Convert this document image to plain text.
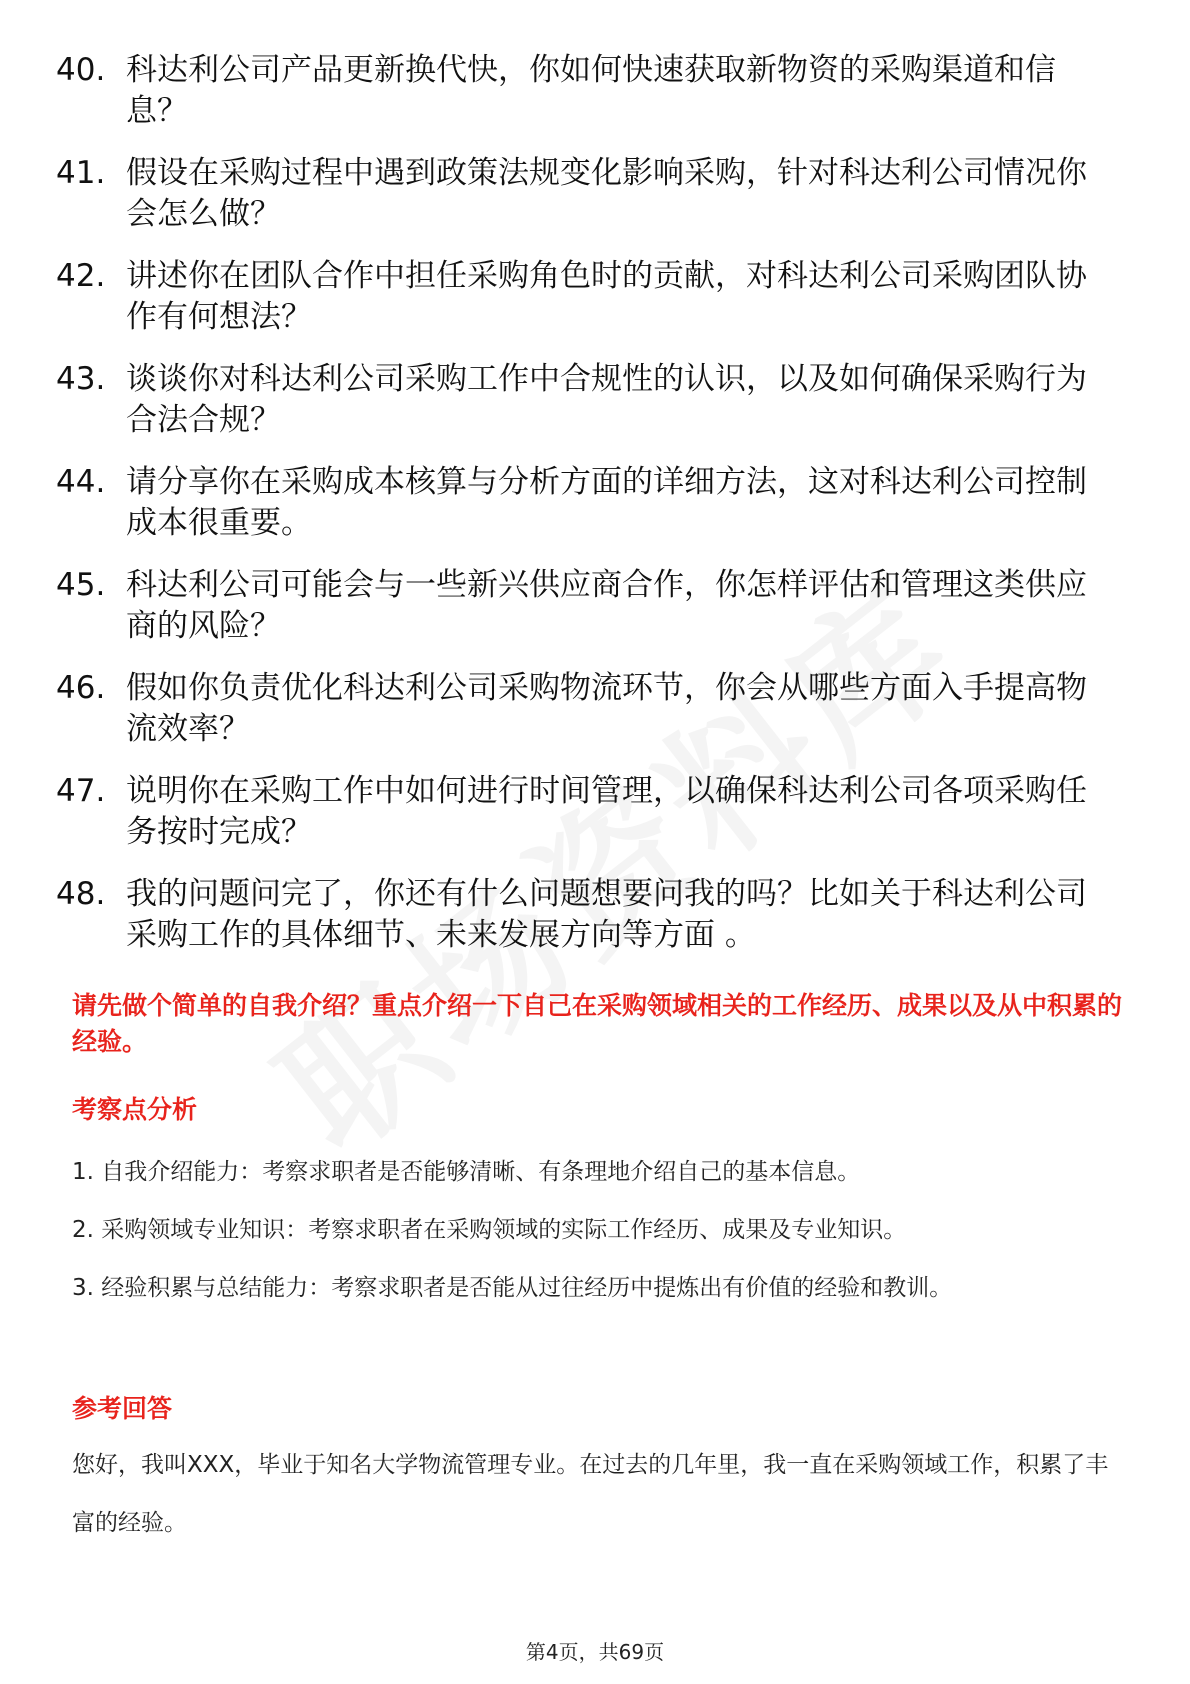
40. 科达利公司产品更新换代快，你如何快速获取新物资的采购渠道和信息？
41. 假设在采购过程中遇到政策法规变化影响采购，针对科达利公司情况你会怎么做？
42. 讲述你在团队合作中担任采购角色时的贡献，对科达利公司采购团队协作有何想法？
43. 谈谈你对科达利公司采购工作中合规性的认识，以及如何确保采购行为合法合规？
44. 请分享你在采购成本核算与分析方面的详细方法，这对科达利公司控制成本很重要。
45. 科达利公司可能会与一些新兴供应商合作，你怎样评估和管理这类供应商的风险？
46. 假如你负责优化科达利公司采购物流环节，你会从哪些方面入手提高物流效率？
47. 说明你在采购工作中如何进行时间管理，以确保科达利公司各项采购任务按时完成？
48. 我的问题问完了，你还有什么问题想要问我的吗？比如关于科达利公司采购工作的具体细节、未来发展方向等方面 。
请先做个简单的自我介绍？重点介绍一下自己在采购领域相关的工作经历、成果以及从中积累的经验。
考察点分析

1. 自我介绍能力：考察求职者是否能够清晰、有条理地介绍自己的基本信息。

2. 采购领域专业知识：考察求职者在采购领域的实际工作经历、成果及专业知识。

3. 经验积累与总结能力：考察求职者是否能从过往经历中提炼出有价值的经验和教训。

参考回答

您好，我叫XXX，毕业于知名大学物流管理专业。在过去的几年里，我一直在采购领域工作，积累了丰富的经验。

第4页，共69页
